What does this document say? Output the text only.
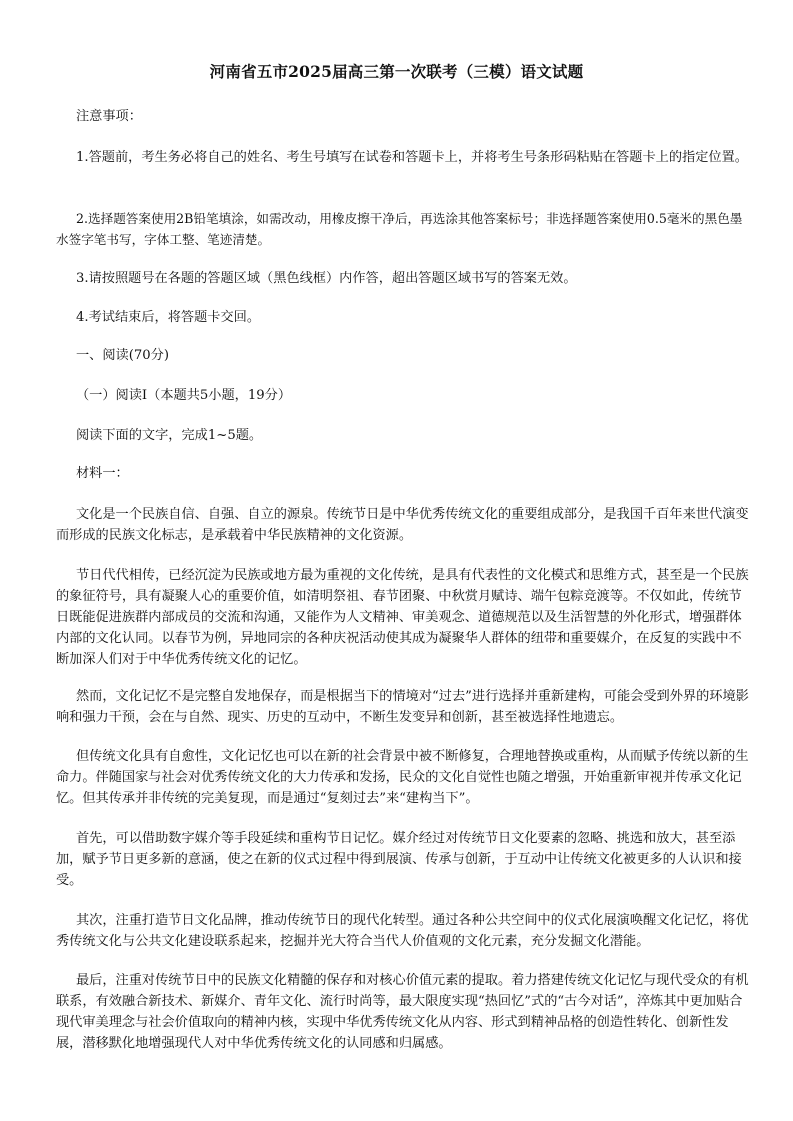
河南省五市2025届高三第一次联考（三模）语文试题
注意事项：
1.答题前，考生务必将自己的姓名、考生号填写在试卷和答题卡上，并将考生号条形码粘贴在答题卡上的指定位置。
2.选择题答案使用2B铅笔填涂，如需改动，用橡皮擦干净后，再选涂其他答案标号；非选择题答案使用0.5毫米的黑色墨水签字笔书写，字体工整、笔迹清楚。
3.请按照题号在各题的答题区域（黑色线框）内作答，超出答题区域书写的答案无效。
4.考试结束后，将答题卡交回。
一、阅读(70分)
（一）阅读Ⅰ（本题共5小题，19分）
阅读下面的文字，完成1~5题。
材料一：
文化是一个民族自信、自强、自立的源泉。传统节日是中华优秀传统文化的重要组成部分，是我国千百年来世代演变而形成的民族文化标志，是承载着中华民族精神的文化资源。
节日代代相传，已经沉淀为民族或地方最为重视的文化传统，是具有代表性的文化模式和思维方式，甚至是一个民族的象征符号，具有凝聚人心的重要价值，如清明祭祖、春节团聚、中秋赏月赋诗、端午包粽竞渡等。不仅如此，传统节日既能促进族群内部成员的交流和沟通，又能作为人文精神、审美观念、道德规范以及生活智慧的外化形式，增强群体内部的文化认同。以春节为例，异地同宗的各种庆祝活动使其成为凝聚华人群体的纽带和重要媒介，在反复的实践中不断加深人们对于中华优秀传统文化的记忆。
然而，文化记忆不是完整自发地保存，而是根据当下的情境对“过去”进行选择并重新建构，可能会受到外界的环境影响和强力干预，会在与自然、现实、历史的互动中，不断生发变异和创新，甚至被选择性地遗忘。
但传统文化具有自愈性，文化记忆也可以在新的社会背景中被不断修复，合理地替换或重构，从而赋予传统以新的生命力。伴随国家与社会对优秀传统文化的大力传承和发扬，民众的文化自觉性也随之增强，开始重新审视并传承文化记忆。但其传承并非传统的完美复现，而是通过“复刻过去”来“建构当下”。
首先，可以借助数字媒介等手段延续和重构节日记忆。媒介经过对传统节日文化要素的忽略、挑选和放大，甚至添加，赋予节日更多新的意涵，使之在新的仪式过程中得到展演、传承与创新，于互动中让传统文化被更多的人认识和接受。
其次，注重打造节日文化品牌，推动传统节日的现代化转型。通过各种公共空间中的仪式化展演唤醒文化记忆，将优秀传统文化与公共文化建设联系起来，挖掘并光大符合当代人价值观的文化元素，充分发掘文化潜能。
最后，注重对传统节日中的民族文化精髓的保存和对核心价值元素的提取。着力搭建传统文化记忆与现代受众的有机联系，有效融合新技术、新媒介、青年文化、流行时尚等，最大限度实现“热回忆”式的“古今对话”，淬炼其中更加贴合现代审美理念与社会价值取向的精神内核，实现中华优秀传统文化从内容、形式到精神品格的创造性转化、创新性发展，潜移默化地增强现代人对中华优秀传统文化的认同感和归属感。
